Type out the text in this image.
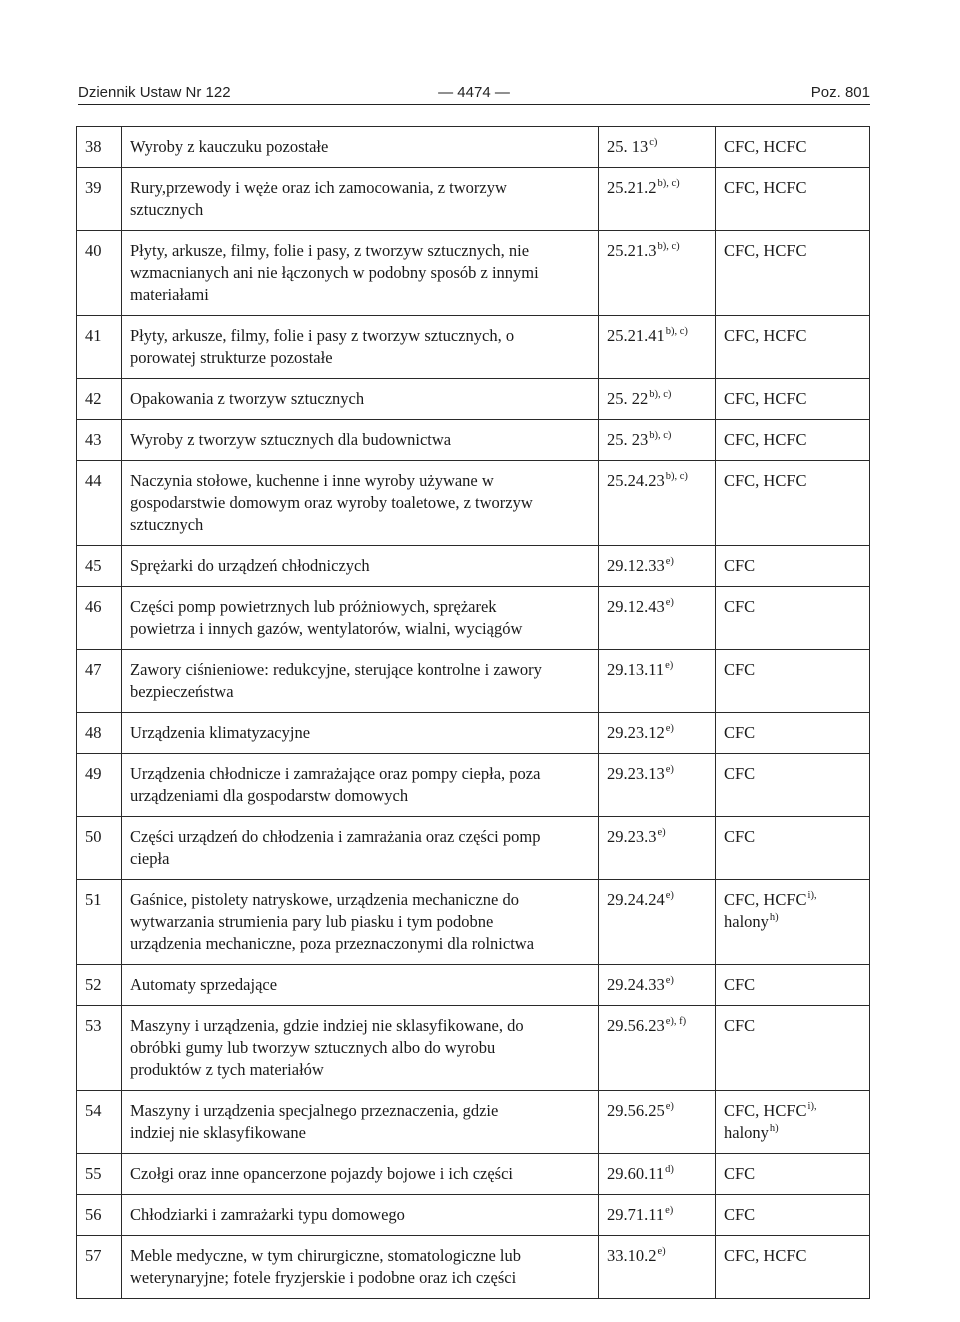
Dziennik Ustaw Nr 122	— 4474 —	Poz. 801
38	Wyroby z kauczuku pozostałe	25. 13$^{c)}$	CFC, HCFC

39	Rury,przewody i węże oraz ich zamocowania, z tworzyw
sztucznych	25.21.2$^{b), c)}$	CFC, HCFC

40	Płyty, arkusze, filmy, folie i pasy, z tworzyw sztucznych, nie
wzmacnianych ani nie łączonych w podobny sposób z innymi
materiałami	25.21.3$^{b), c)}$	CFC, HCFC

41	Płyty, arkusze, filmy, folie i pasy z tworzyw sztucznych, o
porowatej strukturze pozostałe	25.21.41$^{b), c)}$	CFC, HCFC

42	Opakowania z tworzyw sztucznych	25. 22$^{b), c)}$	CFC, HCFC

43	Wyroby z tworzyw sztucznych dla budownictwa	25. 23$^{b), c)}$	CFC, HCFC

44	Naczynia stołowe, kuchenne i inne wyroby używane w
gospodarstwie domowym oraz wyroby toaletowe, z tworzyw
sztucznych	25.24.23$^{b), c)}$	CFC, HCFC

45	Sprężarki do urządzeń chłodniczych	29.12.33$^{e)}$	CFC

46	Części pomp powietrznych lub próżniowych, sprężarek
powietrza i innych gazów, wentylatorów, wialni, wyciągów	29.12.43$^{e)}$	CFC

47	Zawory ciśnieniowe: redukcyjne, sterujące kontrolne i zawory
bezpieczeństwa	29.13.11$^{e)}$	CFC

48	Urządzenia klimatyzacyjne	29.23.12$^{e)}$	CFC

49	Urządzenia chłodnicze i zamrażające oraz pompy ciepła, poza
urządzeniami dla gospodarstw domowych	29.23.13$^{e)}$	CFC

50	Części urządzeń do chłodzenia i zamrażania oraz części pomp
ciepła	29.23.3$^{e)}$	CFC

51	Gaśnice, pistolety natryskowe, urządzenia mechaniczne do
wytwarzania strumienia pary lub piasku i tym podobne
urządzenia mechaniczne, poza przeznaczonymi dla rolnictwa	29.24.24$^{e)}$	CFC, HCFC$^{i),}$
halony$^{h)}$

52	Automaty sprzedające	29.24.33$^{e)}$	CFC

53	Maszyny i urządzenia, gdzie indziej nie sklasyfikowane, do
obróbki gumy lub tworzyw sztucznych albo do wyrobu
produktów z tych materiałów	29.56.23$^{e), f)}$	CFC

54	Maszyny i urządzenia specjalnego przeznaczenia, gdzie
indziej nie sklasyfikowane	29.56.25$^{e)}$	CFC, HCFC$^{i),}$
halony$^{h)}$

55	Czołgi oraz inne opancerzone pojazdy bojowe i ich części	29.60.11$^{d)}$	CFC

56	Chłodziarki i zamrażarki typu domowego	29.71.11$^{e)}$	CFC

57	Meble medyczne, w tym chirurgiczne, stomatologiczne lub
weterynaryjne; fotele fryzjerskie i podobne oraz ich części	33.10.2$^{e)}$	CFC, HCFC
